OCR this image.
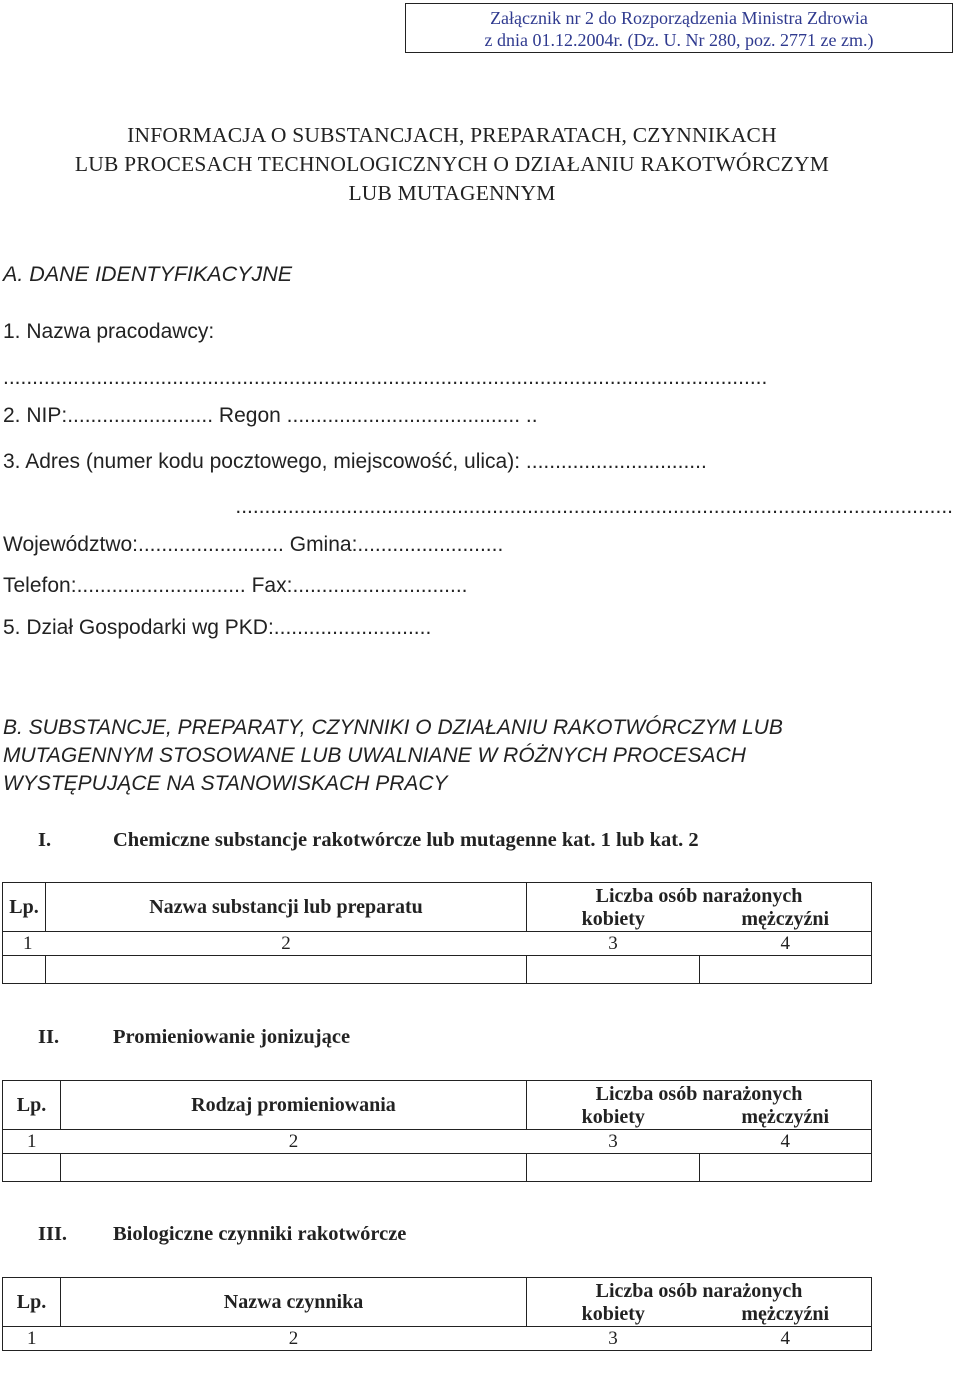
Załącznik nr 2 do Rozporządzenia Ministra Zdrowia
z dnia 01.12.2004r. (Dz. U. Nr 280, poz. 2771 ze zm.)
INFORMACJA O SUBSTANCJACH, PREPARATACH, CZYNNIKACH
LUB PROCESACH TECHNOLOGICZNYCH O DZIAŁANIU RAKOTWÓRCZYM
LUB MUTAGENNYM
A. DANE IDENTYFIKACYJNE
1. Nazwa pracodawcy:
...................................................................................................................................
2. NIP:......................... Regon ........................................ ..
3. Adres (numer kodu pocztowego, miejscowość, ulica): ...............................
...........................................................................................................................
Województwo:......................... Gmina:.........................
Telefon:............................. Fax:..............................
5. Dział Gospodarki wg PKD:...........................
B. SUBSTANCJE, PREPARATY, CZYNNIKI O DZIAŁANIU RAKOTWÓRCZYM LUB
MUTAGENNYM STOSOWANE LUB UWALNIANE W RÓŻNYCH PROCESACH
WYSTĘPUJĄCE NA STANOWISKACH PRACY
I.	Chemiczne substancje rakotwórcze lub mutagenne kat. 1 lub kat. 2
Lp.	Nazwa substancji lub preparatu	Liczba osób narażonych	
		kobiety	mężczyźni
1	2	3	4

II.	Promieniowanie jonizujące
Lp.	Rodzaj promieniowania	Liczba osób narażonych	
		kobiety	mężczyźni
1	2	3	4

III. Biologiczne czynniki rakotwórcze
Lp.	Nazwa czynnika	Liczba osób narażonych	
		kobiety	mężczyźni
1	2	3	4
